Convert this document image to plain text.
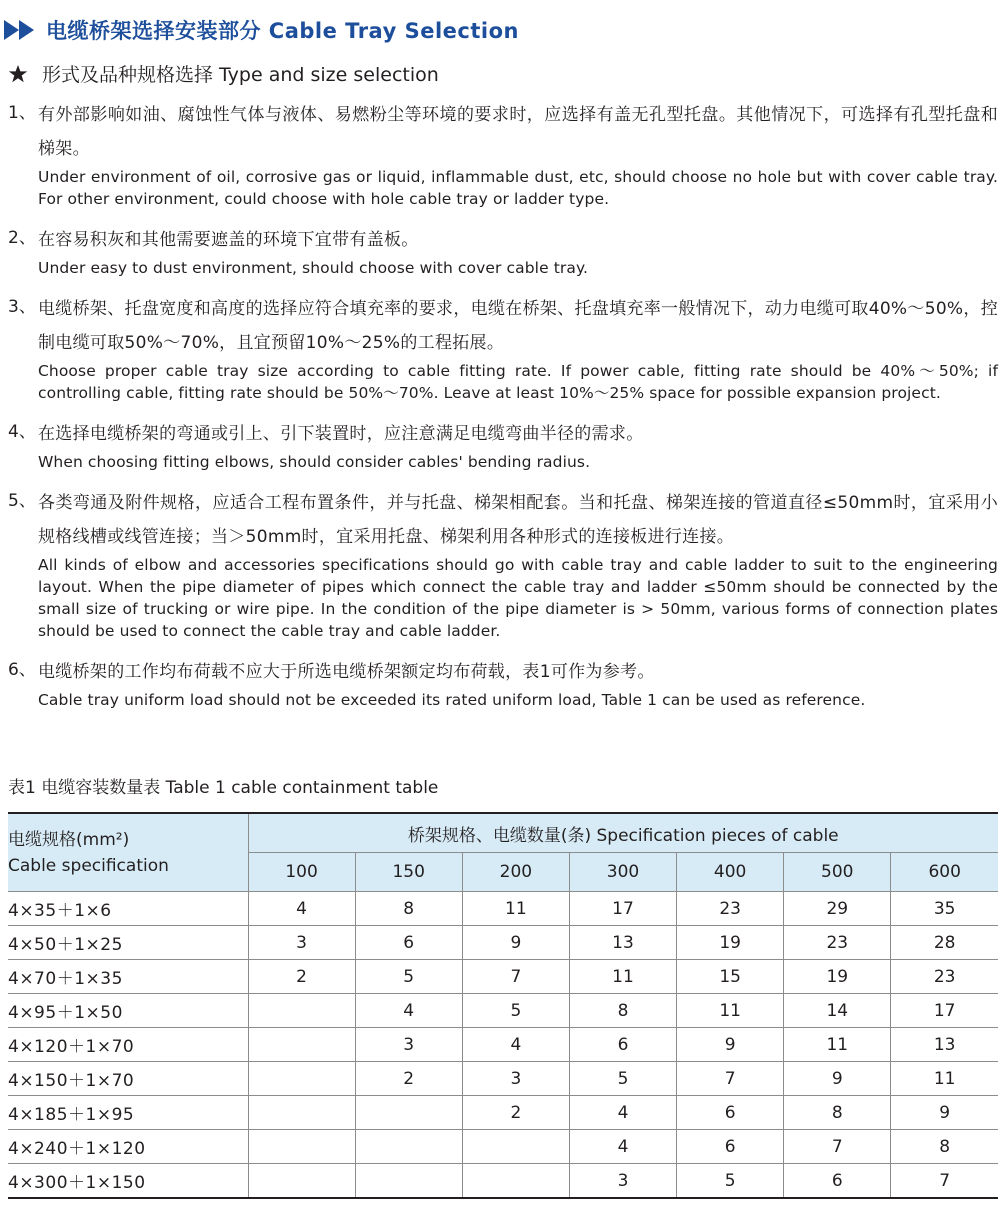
电缆桥架选择安装部分 Cable Tray Selection
形式及品种规格选择 Type and size selection
1、 有外部影响如油、腐蚀性气体与液体、易燃粉尘等环境的要求时，应选择有盖无孔型托盘。其他情况下，可选择有孔型托盘和梯架。
Under environment of oil, corrosive gas or liquid, inflammable dust, etc, should choose no hole but with cover cable tray. For other environment, could choose with hole cable tray or ladder type.
2、 在容易积灰和其他需要遮盖的环境下宜带有盖板。
Under easy to dust environment, should choose with cover cable tray.
3、 电缆桥架、托盘宽度和高度的选择应符合填充率的要求，电缆在桥架、托盘填充率一般情况下，动力电缆可取40%～50%，控制电缆可取50%～70%，且宜预留10%～25%的工程拓展。
Choose proper cable tray size according to cable fitting rate. If power cable, fitting rate should be 40%～50%; if controlling cable, fitting rate should be 50%～70%. Leave at least 10%～25% space for possible expansion project.
4、 在选择电缆桥架的弯通或引上、引下装置时，应注意满足电缆弯曲半径的需求。
When choosing fitting elbows, should consider cables' bending radius.
5、 各类弯通及附件规格，应适合工程布置条件，并与托盘、梯架相配套。当和托盘、梯架连接的管道直径≤50mm时，宜采用小规格线槽或线管连接；当＞50mm时，宜采用托盘、梯架利用各种形式的连接板进行连接。
All kinds of elbow and accessories specifications should go with cable tray and cable ladder to suit to the engineering layout. When the pipe diameter of pipes which connect the cable tray and ladder ≤50mm should be connected by the small size of trucking or wire pipe. In the condition of the pipe diameter is > 50mm, various forms of connection plates should be used to connect the cable tray and cable ladder.
6、 电缆桥架的工作均布荷载不应大于所选电缆桥架额定均布荷载，表1可作为参考。
Cable tray uniform load should not be exceeded its rated uniform load, Table 1 can be used as reference.
表1 电缆容装数量表 Table 1 cable containment table
电缆规格(mm²)
Cable specification	桥架规格、电缆数量(条) Specification pieces of cable						
	100	150	200	300	400	500	600
4×35＋1×6	4	8	11	17	23	29	35
4×50＋1×25	3	6	9	13	19	23	28
4×70＋1×35	2	5	7	11	15	19	23
4×95＋1×50		4	5	8	11	14	17
4×120＋1×70		3	4	6	9	11	13
4×150＋1×70		2	3	5	7	9	11
4×185＋1×95			2	4	6	8	9
4×240＋1×120				4	6	7	8
4×300＋1×150				3	5	6	7
